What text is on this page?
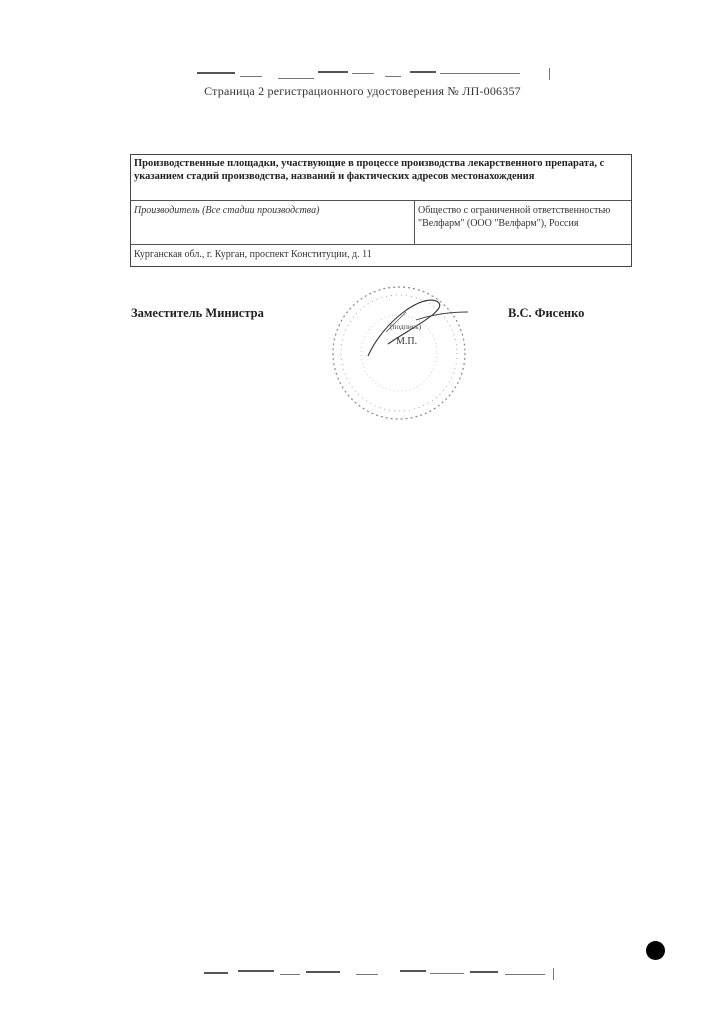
Страница 2 регистрационного удостоверения № ЛП-006357
Производственные площадки, участвующие в процессе производства лекарственного препарата, с указанием стадий производства, названий и фактических адресов местонахождения
Производитель (Все стадии производства)	Общество с ограниченной ответственностью "Велфарм" (ООО "Велфарм"), Россия
Курганская обл., г. Курган, проспект Конституции, д. 11
Заместитель Министра
(подпись)
М.П.
В.С. Фисенко
